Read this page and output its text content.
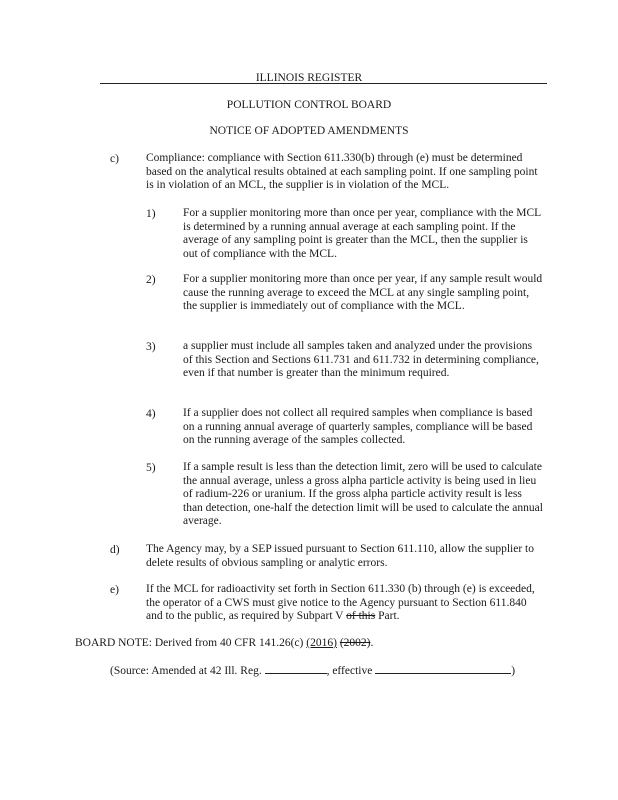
ILLINOIS REGISTER
POLLUTION CONTROL BOARD
NOTICE OF ADOPTED AMENDMENTS
c) Compliance: compliance with Section 611.330(b) through (e) must be determined based on the analytical results obtained at each sampling point. If one sampling point is in violation of an MCL, the supplier is in violation of the MCL.
1) For a supplier monitoring more than once per year, compliance with the MCL is determined by a running annual average at each sampling point. If the average of any sampling point is greater than the MCL, then the supplier is out of compliance with the MCL.
2) For a supplier monitoring more than once per year, if any sample result would cause the running average to exceed the MCL at any single sampling point, the supplier is immediately out of compliance with the MCL.
3) a supplier must include all samples taken and analyzed under the provisions of this Section and Sections 611.731 and 611.732 in determining compliance, even if that number is greater than the minimum required.
4) If a supplier does not collect all required samples when compliance is based on a running annual average of quarterly samples, compliance will be based on the running average of the samples collected.
5) If a sample result is less than the detection limit, zero will be used to calculate the annual average, unless a gross alpha particle activity is being used in lieu of radium-226 or uranium. If the gross alpha particle activity result is less than detection, one-half the detection limit will be used to calculate the annual average.
d) The Agency may, by a SEP issued pursuant to Section 611.110, allow the supplier to delete results of obvious sampling or analytic errors.
e) If the MCL for radioactivity set forth in Section 611.330 (b) through (e) is exceeded, the operator of a CWS must give notice to the Agency pursuant to Section 611.840 and to the public, as required by Subpart V of this Part.
BOARD NOTE: Derived from 40 CFR 141.26(c) (2016) (2002).
(Source: Amended at 42 Ill. Reg.	, effective	)
